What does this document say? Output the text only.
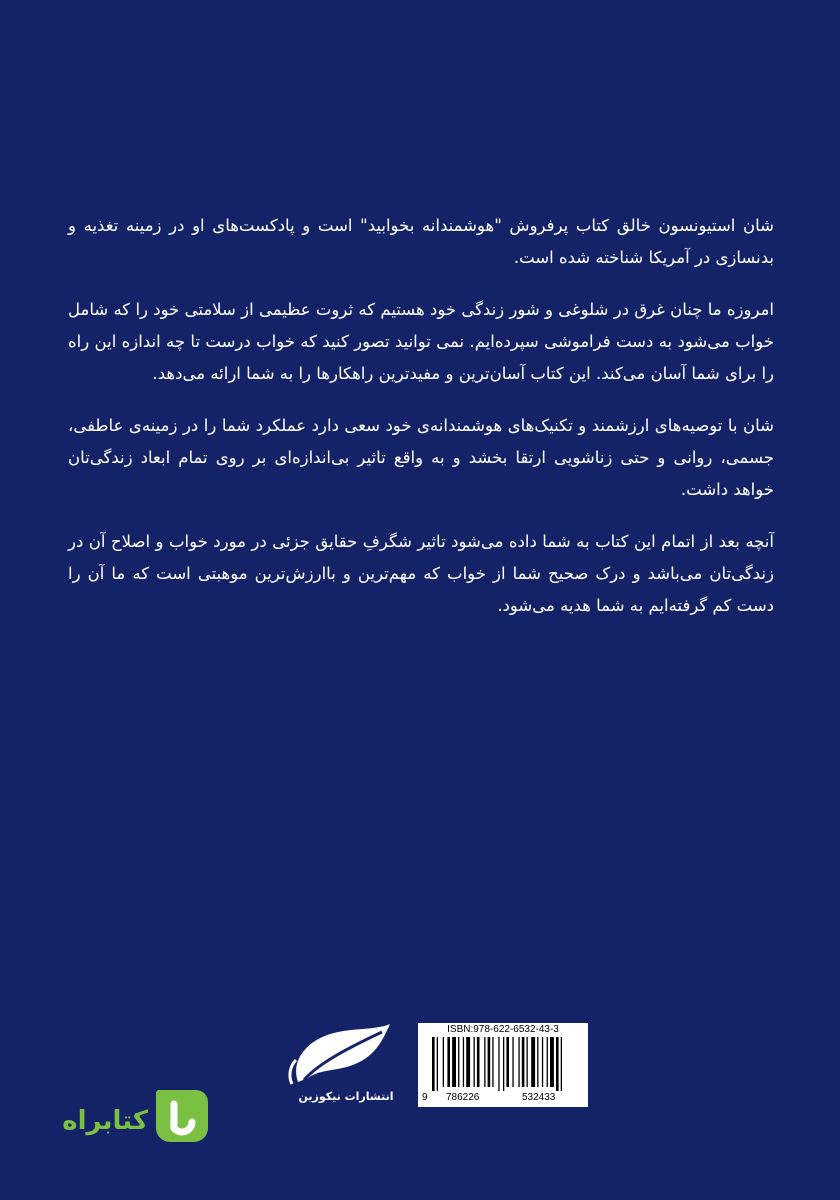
شان استیونسون خالق کتاب پرفروش "هوشمندانه بخوابید" است و پادکست‌های او در زمینه تغذیه و بدنسازی در آمریکا شناخته شده است.

امروزه ما چنان غرق در شلوغی و شور زندگی خود هستیم که ثروت عظیمی از سلامتی خود را که شامل خواب می‌شود به دست فراموشی سپرده‌ایم. نمی توانید تصور کنید که خواب درست تا چه اندازه این راه را برای شما آسان می‌کند. این کتاب آسان‌ترین و مفیدترین راهکارها را به شما ارائه می‌دهد.

شان با توصیه‌های ارزشمند و تکنیک‌های هوشمندانه‌ی خود سعی دارد عملکرد شما را در زمینه‌ی عاطفی، جسمی، روانی و حتی زناشویی ارتقا بخشد و به واقع تاثیر بی‌اندازه‌ای بر روی تمام ابعاد زندگی‌تان خواهد داشت.

آنچه بعد از اتمام این کتاب به شما داده می‌شود تاثیر شگرفِ حقایق جزئی در مورد خواب و اصلاح آن در زندگی‌تان می‌باشد و درک صحیح شما از خواب که مهم‌ترین و باارزش‌ترین موهبتی است که ما آن را دست کم گرفته‌ایم به شما هدیه می‌شود.

انتشارات نیکوزین
ISBN:978-622-6532-43-3
9 786226	532433
کتابراه
